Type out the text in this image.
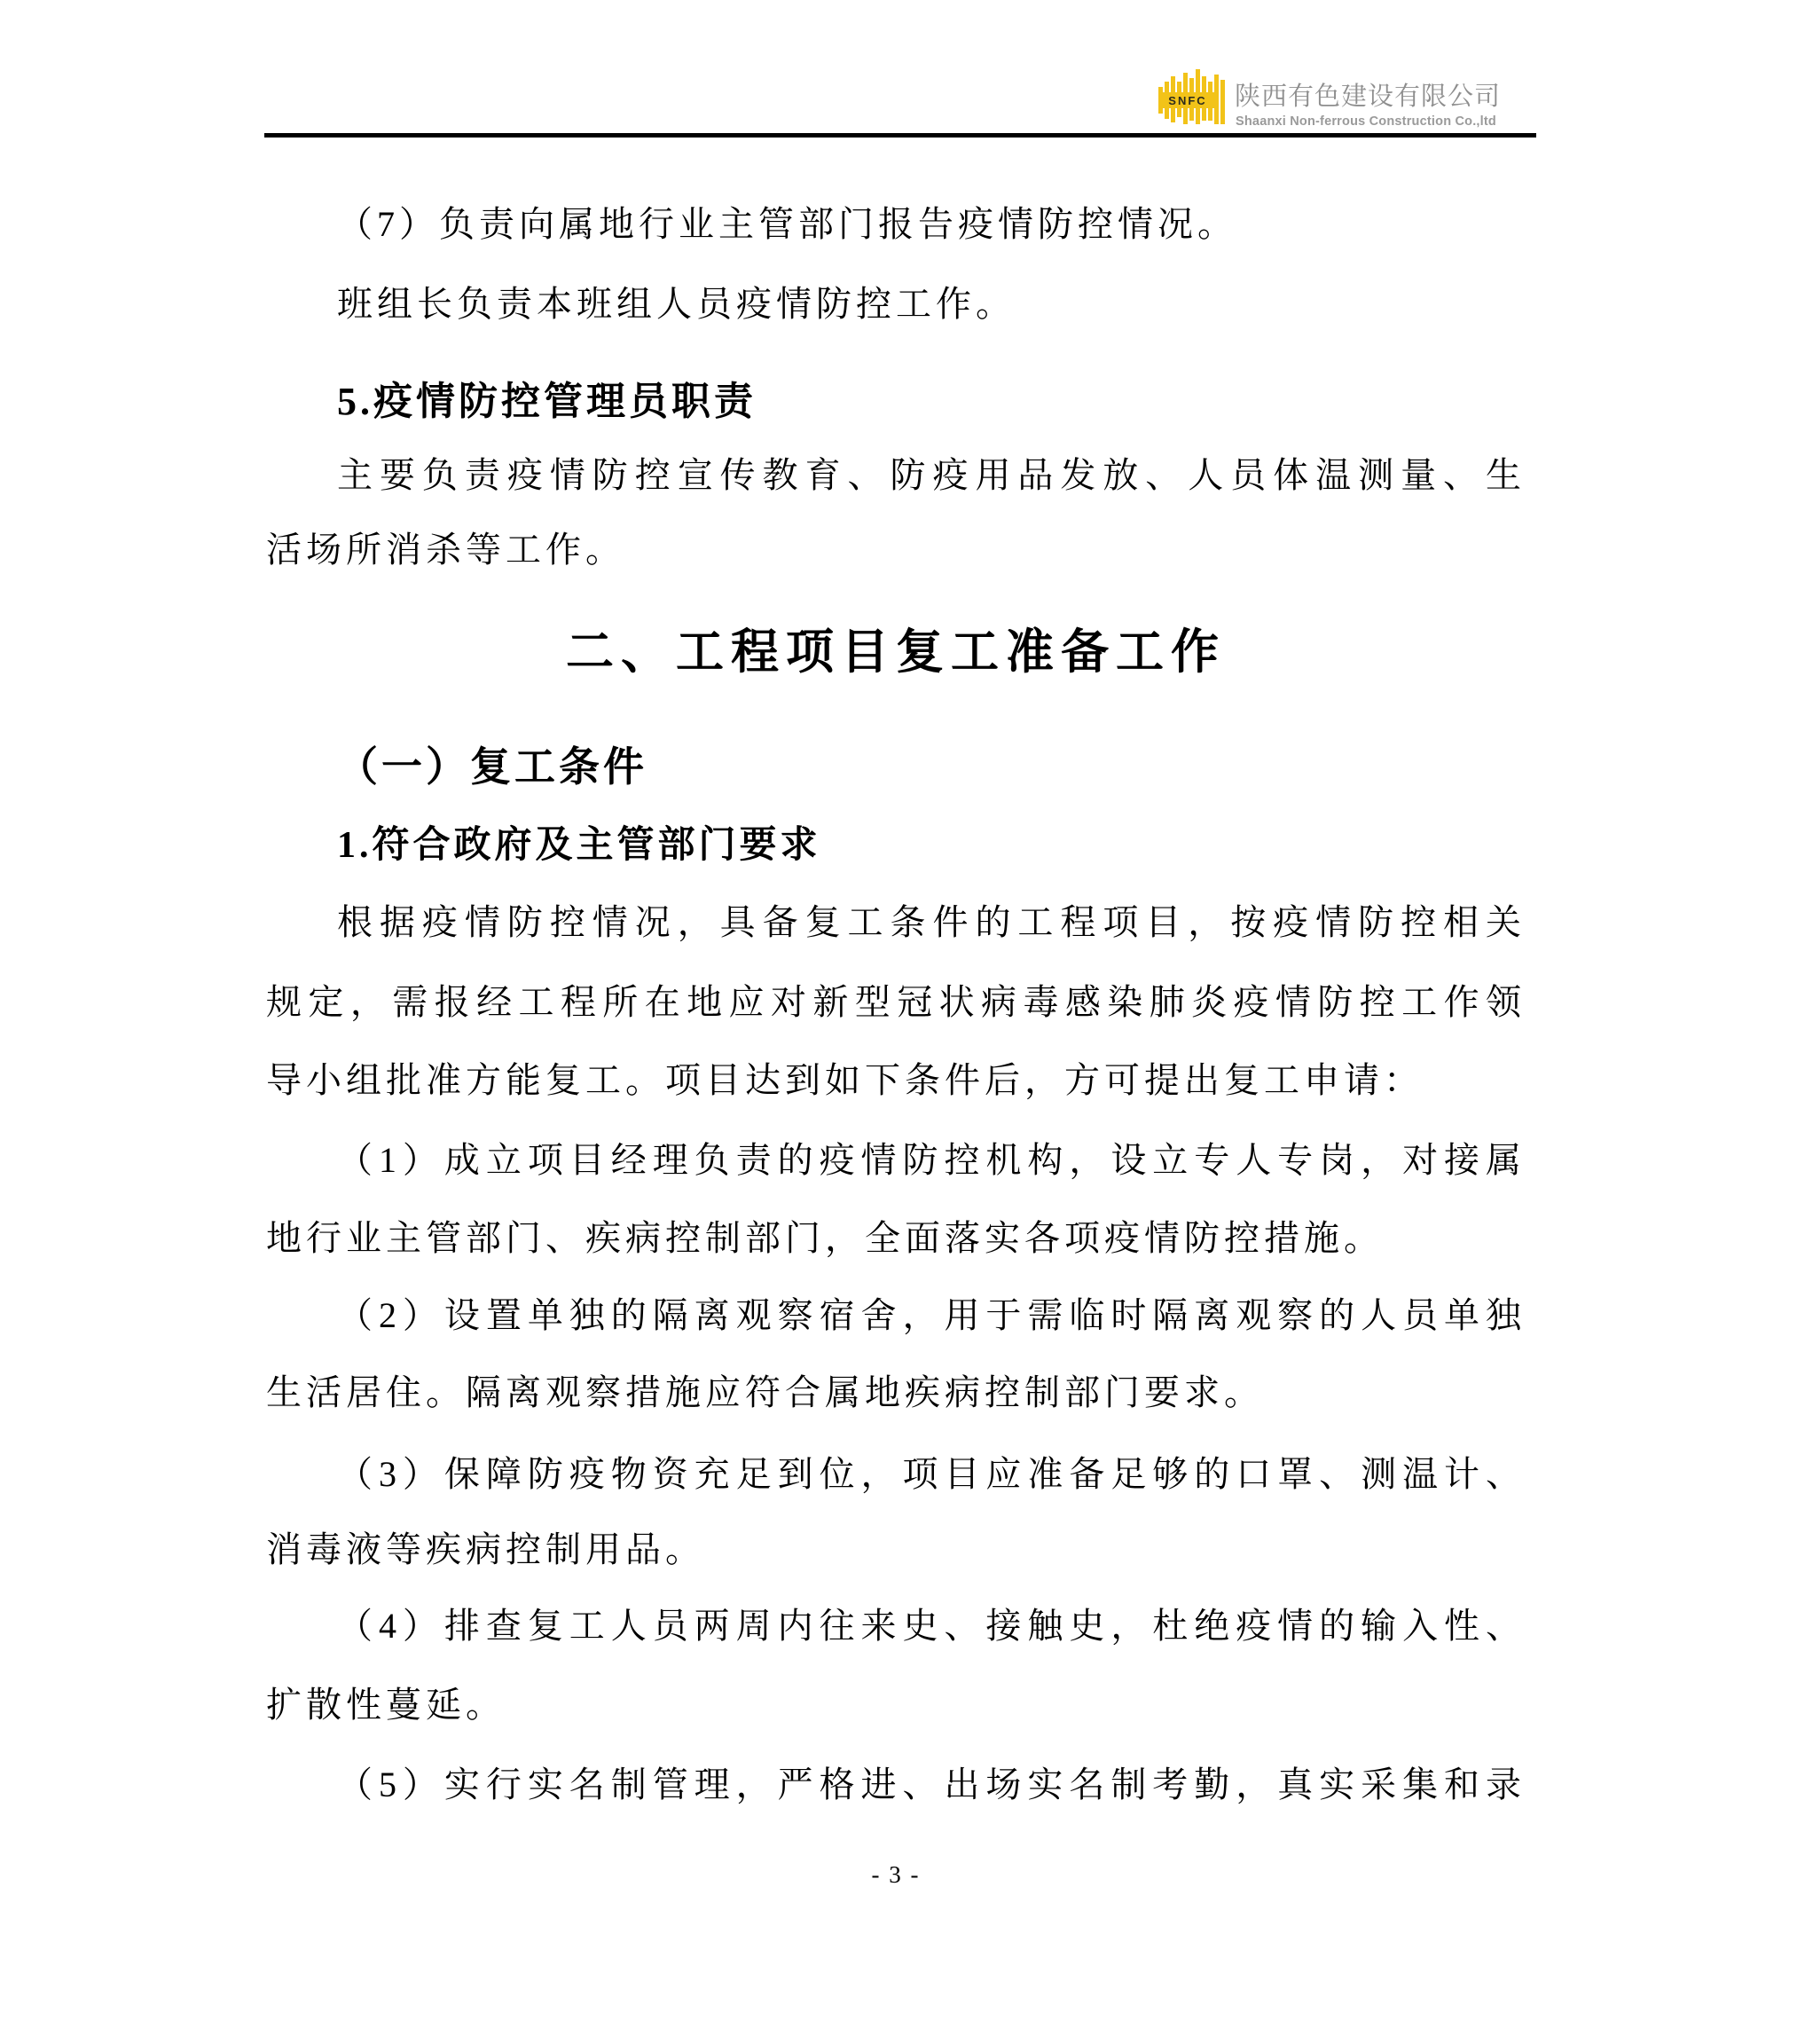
SNFC 陕西有色建设有限公司
Shaanxi Non-ferrous Construction Co.,ltd

（7）负责向属地行业主管部门报告疫情防控情况。

班组长负责本班组人员疫情防控工作。

5.疫情防控管理员职责

主要负责疫情防控宣传教育、防疫用品发放、人员体温测量、生

活场所消杀等工作。

二、工程项目复工准备工作

（一）复工条件

1.符合政府及主管部门要求

根据疫情防控情况，具备复工条件的工程项目，按疫情防控相关

规定，需报经工程所在地应对新型冠状病毒感染肺炎疫情防控工作领

导小组批准方能复工。项目达到如下条件后，方可提出复工申请：

（1）成立项目经理负责的疫情防控机构，设立专人专岗，对接属

地行业主管部门、疾病控制部门，全面落实各项疫情防控措施。

（2）设置单独的隔离观察宿舍，用于需临时隔离观察的人员单独

生活居住。隔离观察措施应符合属地疾病控制部门要求。

（3）保障防疫物资充足到位，项目应准备足够的口罩、测温计、

消毒液等疾病控制用品。

（4）排查复工人员两周内往来史、接触史，杜绝疫情的输入性、

扩散性蔓延。

（5）实行实名制管理，严格进、出场实名制考勤，真实采集和录

- 3 -
